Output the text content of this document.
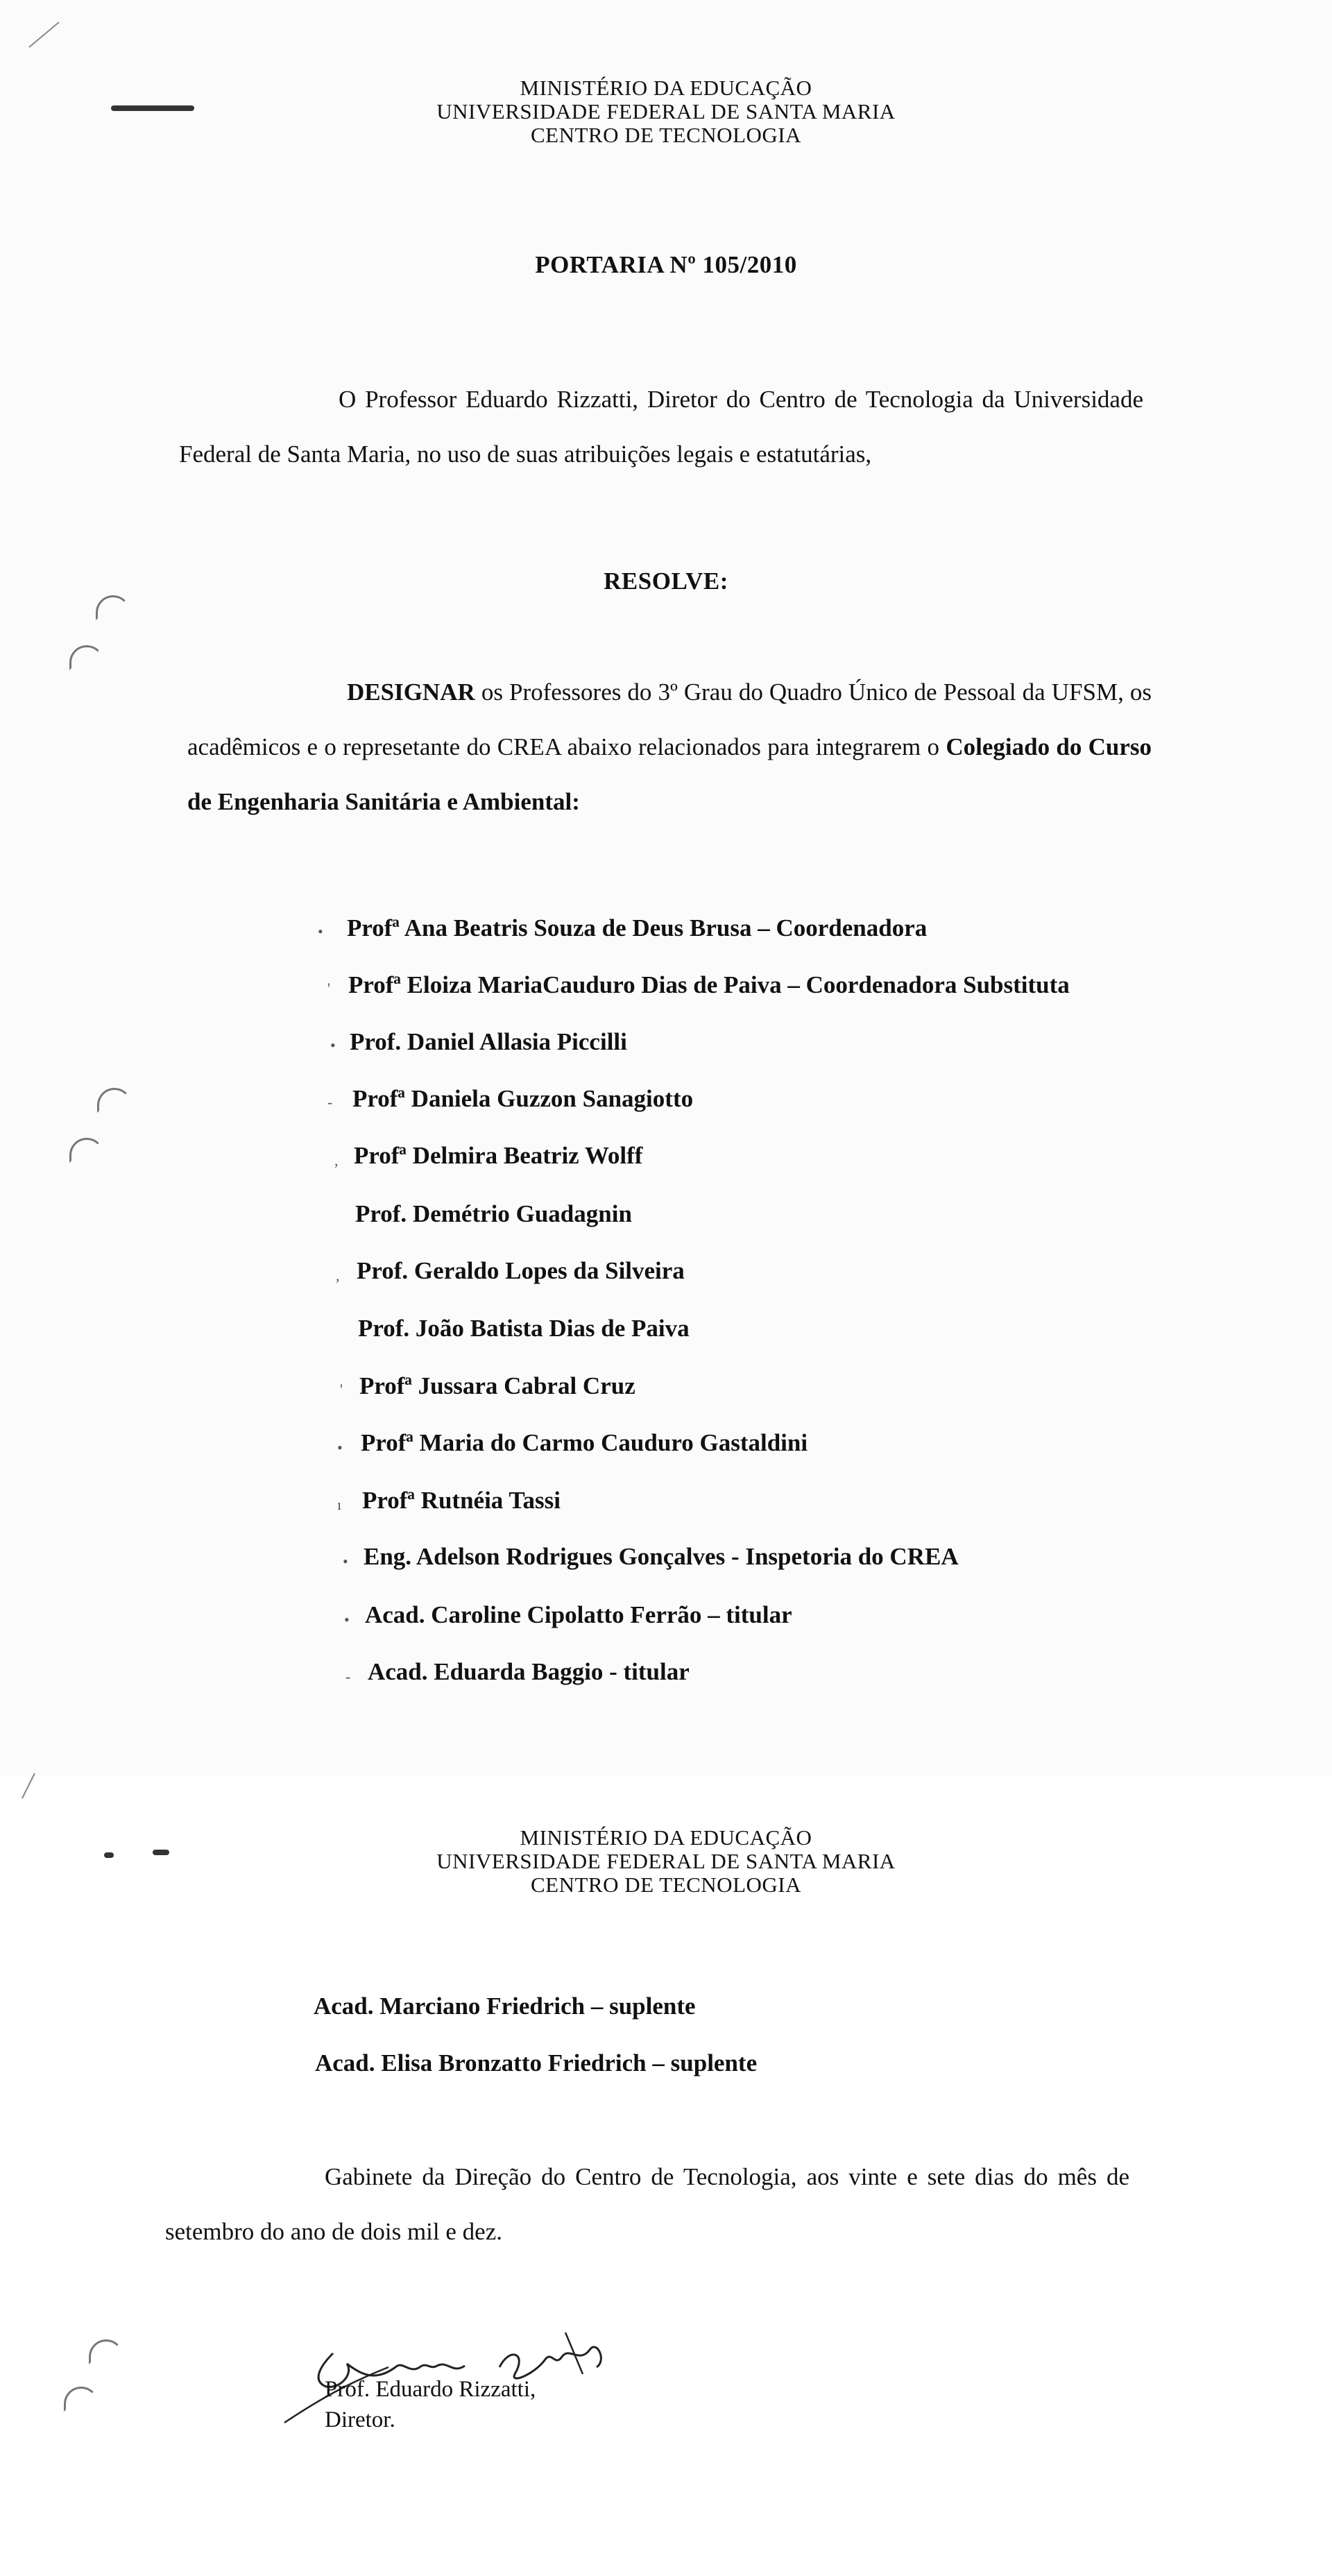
MINISTÉRIO DA EDUCAÇÃO
UNIVERSIDADE FEDERAL DE SANTA MARIA
CENTRO DE TECNOLOGIA
PORTARIA Nº 105/2010
O Professor Eduardo Rizzatti, Diretor do Centro de Tecnologia da Universidade Federal de Santa Maria, no uso de suas atribuições legais e estatutárias,
RESOLVE:
DESIGNAR os Professores do 3º Grau do Quadro Único de Pessoal da UFSM, os acadêmicos e o represetante do CREA abaixo relacionados para integrarem o Colegiado do Curso de Engenharia Sanitária e Ambiental:
Profª Ana Beatris Souza de Deus Brusa – Coordenadora
Profª Eloiza MariaCauduro Dias de Paiva – Coordenadora Substituta
Prof. Daniel Allasia Piccilli
Profª Daniela Guzzon Sanagiotto
Profª Delmira Beatriz Wolff
Prof. Demétrio Guadagnin
Prof. Geraldo Lopes da Silveira
Prof. João Batista Dias de Paiva
Profª Jussara Cabral Cruz
Profª Maria do Carmo Cauduro Gastaldini
Profª Rutnéia Tassi
Eng. Adelson Rodrigues Gonçalves - Inspetoria do CREA
Acad. Caroline Cipolatto Ferrão – titular
Acad. Eduarda Baggio - titular
•
'
•
-
,
,
'
•
ı
•
•
-
MINISTÉRIO DA EDUCAÇÃO
UNIVERSIDADE FEDERAL DE SANTA MARIA
CENTRO DE TECNOLOGIA
Acad. Marciano Friedrich – suplente
Acad. Elisa Bronzatto Friedrich – suplente
Gabinete da Direção do Centro de Tecnologia, aos vinte e sete dias do mês de setembro do ano de dois mil e dez.
Prof. Eduardo Rizzatti,
Diretor.
